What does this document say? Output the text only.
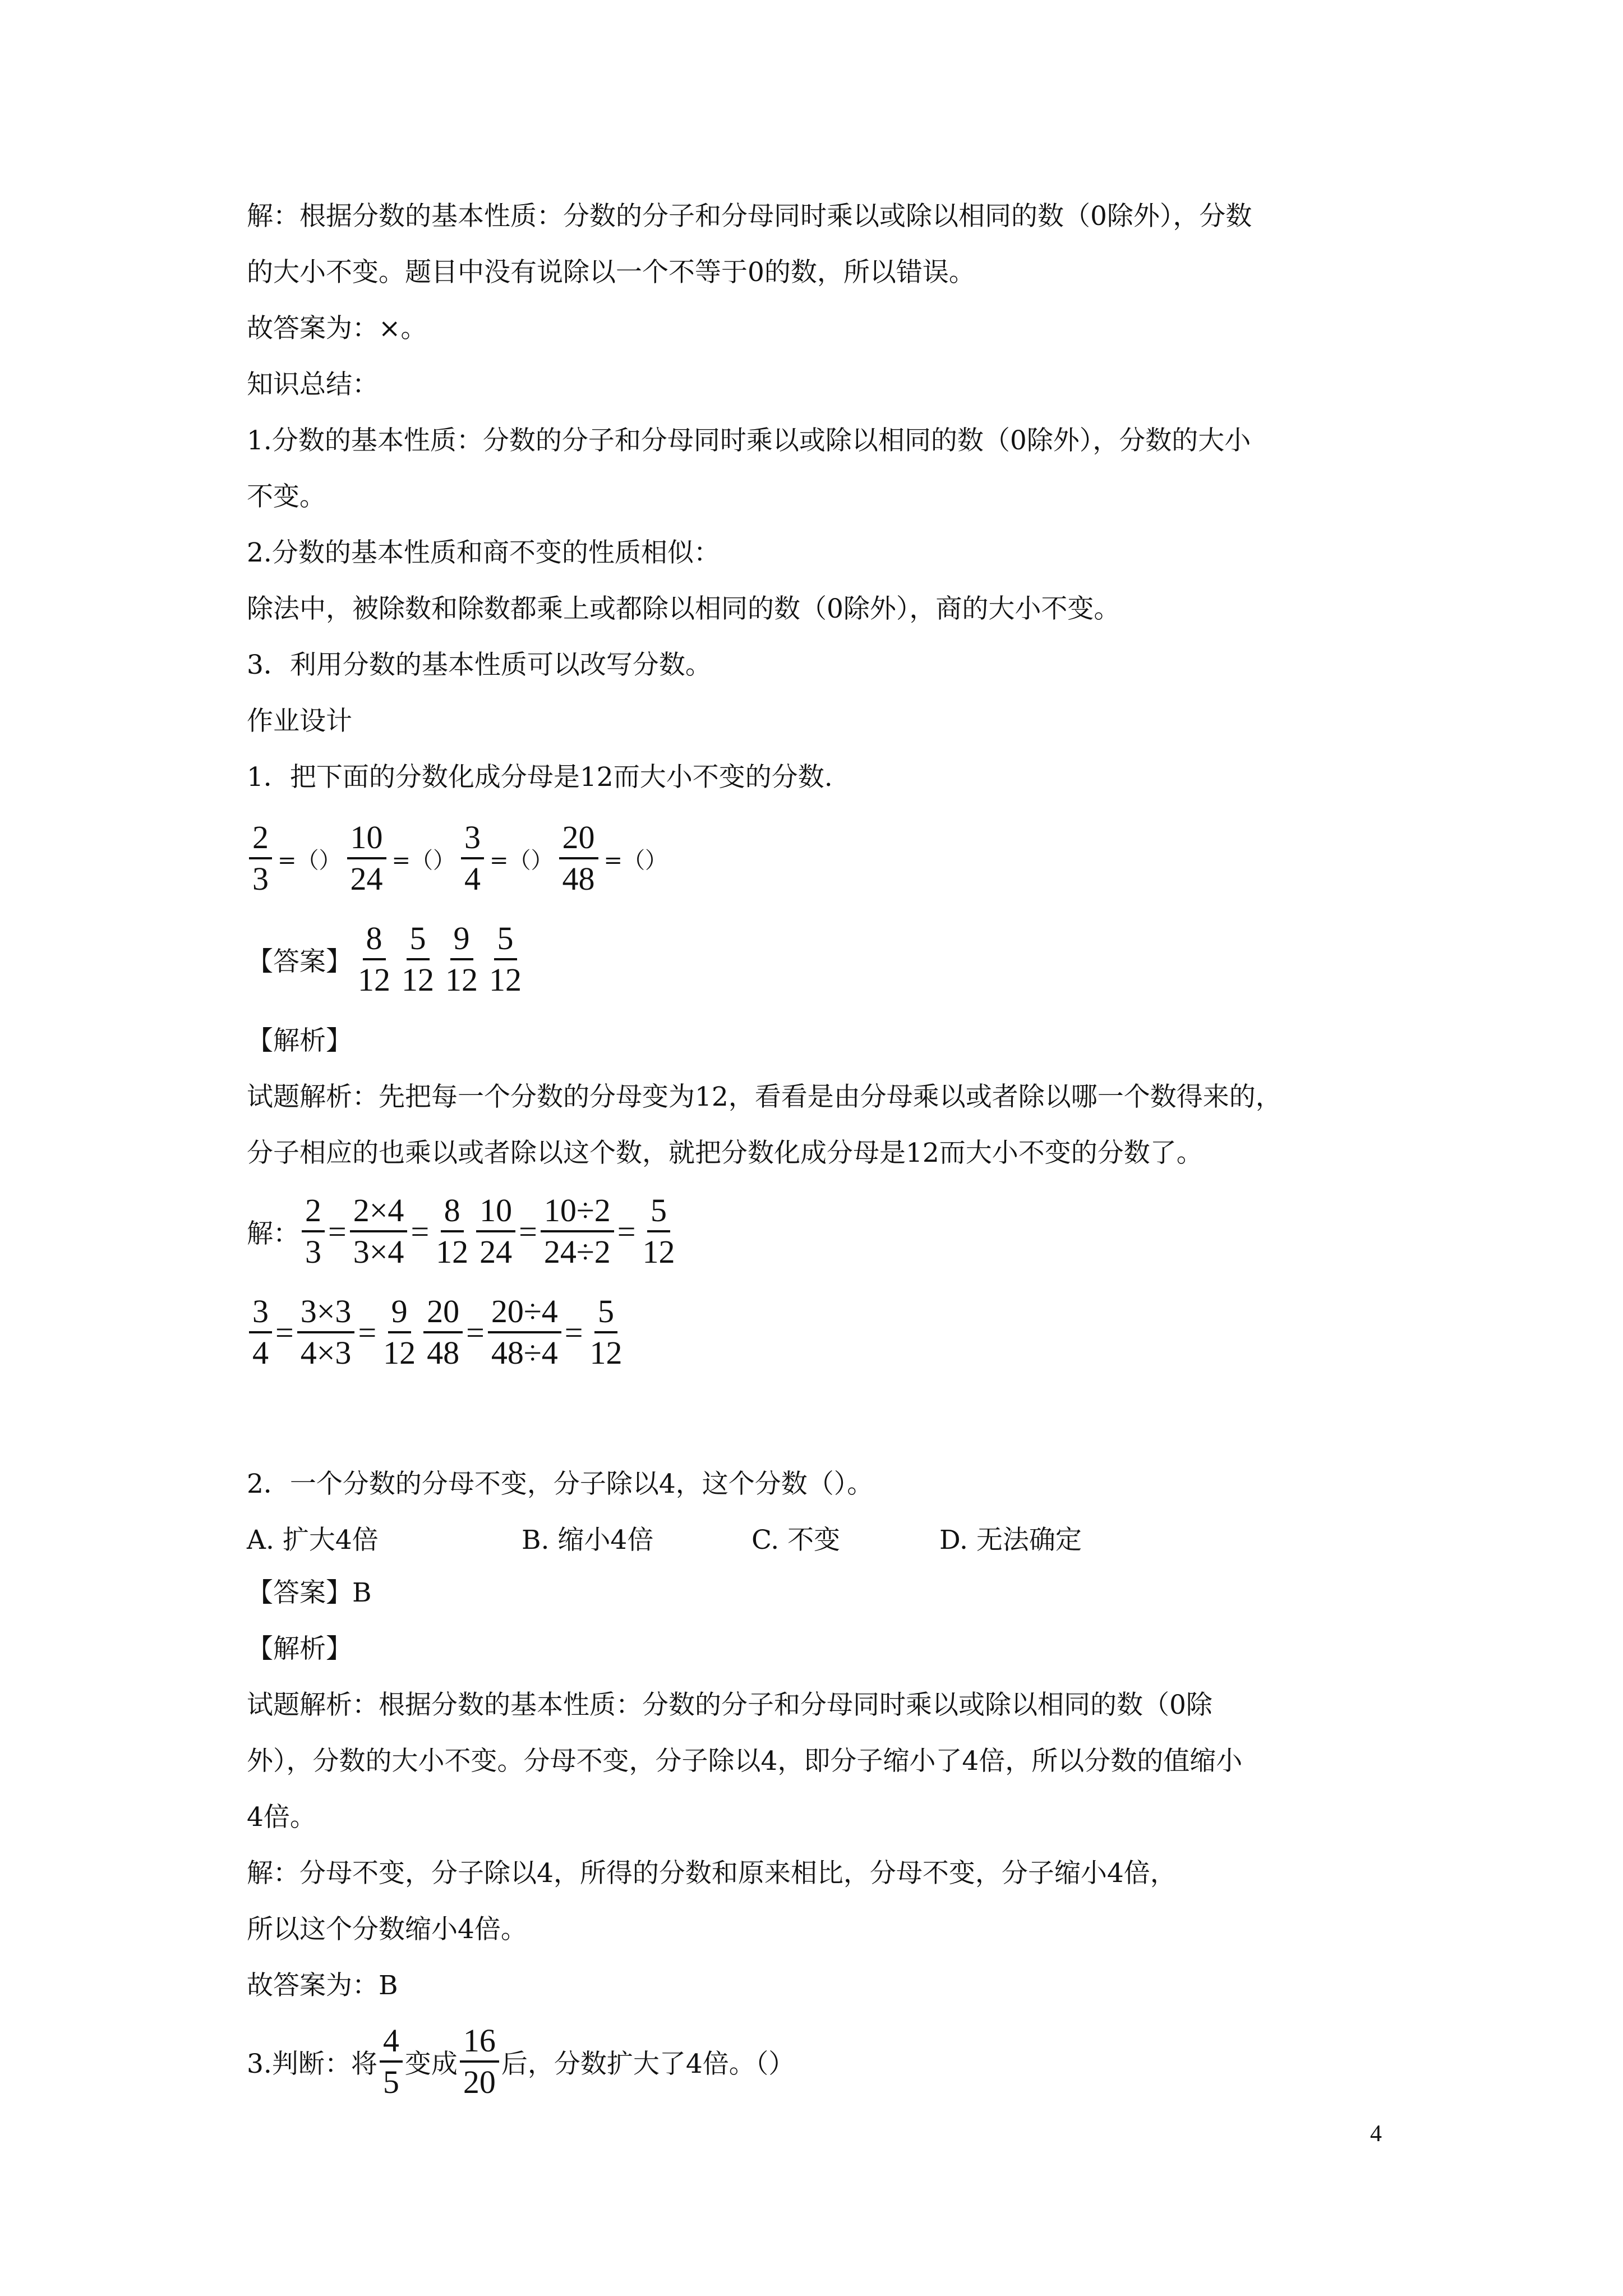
解：根据分数的基本性质：分数的分子和分母同时乘以或除以相同的数（0除外），分数
的大小不变。题目中没有说除以一个不等于0的数，所以错误。
故答案为：×。
知识总结：
1.分数的基本性质：分数的分子和分母同时乘以或除以相同的数（0除外），分数的大小
不变。
2.分数的基本性质和商不变的性质相似：
除法中，被除数和除数都乘上或都除以相同的数（0除外），商的大小不变。
3．利用分数的基本性质可以改写分数。
作业设计
1．把下面的分数化成分母是12而大小不变的分数.
$\frac{2}{3}$ =（） $\frac{10}{24}$ =（） $\frac{3}{4}$ =（） $\frac{20}{48}$ =（）
【答案】 $\frac{8}{12} \frac{5}{12} \frac{9}{12} \frac{5}{12}$
【解析】
试题解析：先把每一个分数的分母变为12，看看是由分母乘以或者除以哪一个数得来的，
分子相应的也乘以或者除以这个数，就把分数化成分母是12而大小不变的分数了。
解： $\frac{2}{3} = \frac{2\times 4}{3\times 4} = \frac{8}{12} \frac{10}{24} = \frac{10\div 2}{24\div 2} = \frac{5}{12}$
$\frac{3}{4} = \frac{3\times 3}{4\times 3} = \frac{9}{12} \frac{20}{48} = \frac{20\div 4}{48\div 4} = \frac{5}{12}$
2．一个分数的分母不变，分子除以4，这个分数（）。
A. 扩大4倍	B. 缩小4倍	C. 不变	D. 无法确定
【答案】B
【解析】
试题解析：根据分数的基本性质：分数的分子和分母同时乘以或除以相同的数（0除
外），分数的大小不变。分母不变，分子除以4，即分子缩小了4倍，所以分数的值缩小
4倍。
解：分母不变，分子除以4，所得的分数和原来相比，分母不变，分子缩小4倍，
所以这个分数缩小4倍。
故答案为：B
3.判断：将 $\frac{4}{5}$ 变成 $\frac{16}{20}$ 后，分数扩大了4倍。（）
4
